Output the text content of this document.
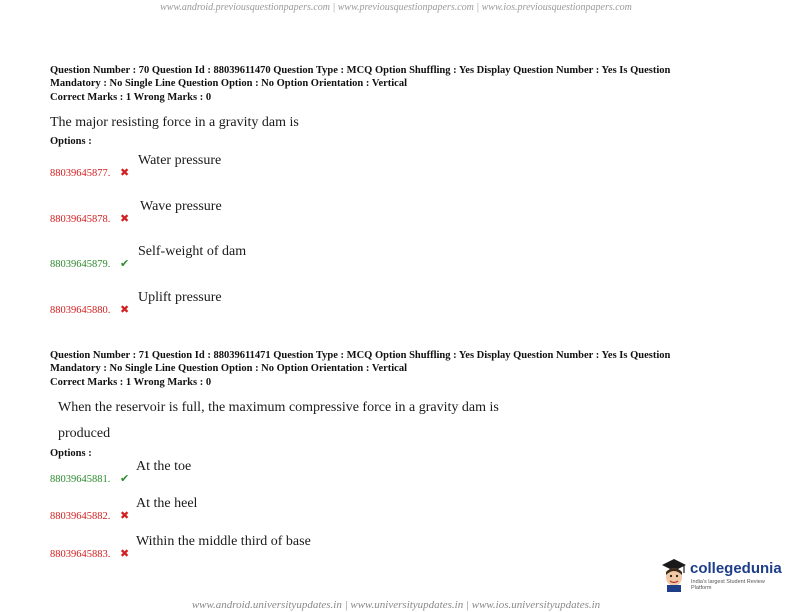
www.android.previousquestionpapers.com | www.previousquestionpapers.com | www.ios.previousquestionpapers.com
Question Number : 70 Question Id : 88039611470 Question Type : MCQ Option Shuffling : Yes Display Question Number : Yes Is Question
Mandatory : No Single Line Question Option : No Option Orientation : Vertical
Correct Marks : 1 Wrong Marks : 0
The major resisting force in a gravity dam is
Options :
88039645877. ✖
Water pressure
88039645878. ✖
Wave pressure
88039645879. ✔
Self-weight of dam
88039645880. ✖
Uplift pressure
Question Number : 71 Question Id : 88039611471 Question Type : MCQ Option Shuffling : Yes Display Question Number : Yes Is Question
Mandatory : No Single Line Question Option : No Option Orientation : Vertical
Correct Marks : 1 Wrong Marks : 0
When the reservoir is full, the maximum compressive force in a gravity dam is
produced
Options :
88039645881. ✔
At the toe
88039645882. ✖
At the heel
88039645883. ✖
Within the middle third of base
collegedunia
India's largest Student Review Platform
www.android.universityupdates.in | www.universityupdates.in | www.ios.universityupdates.in
